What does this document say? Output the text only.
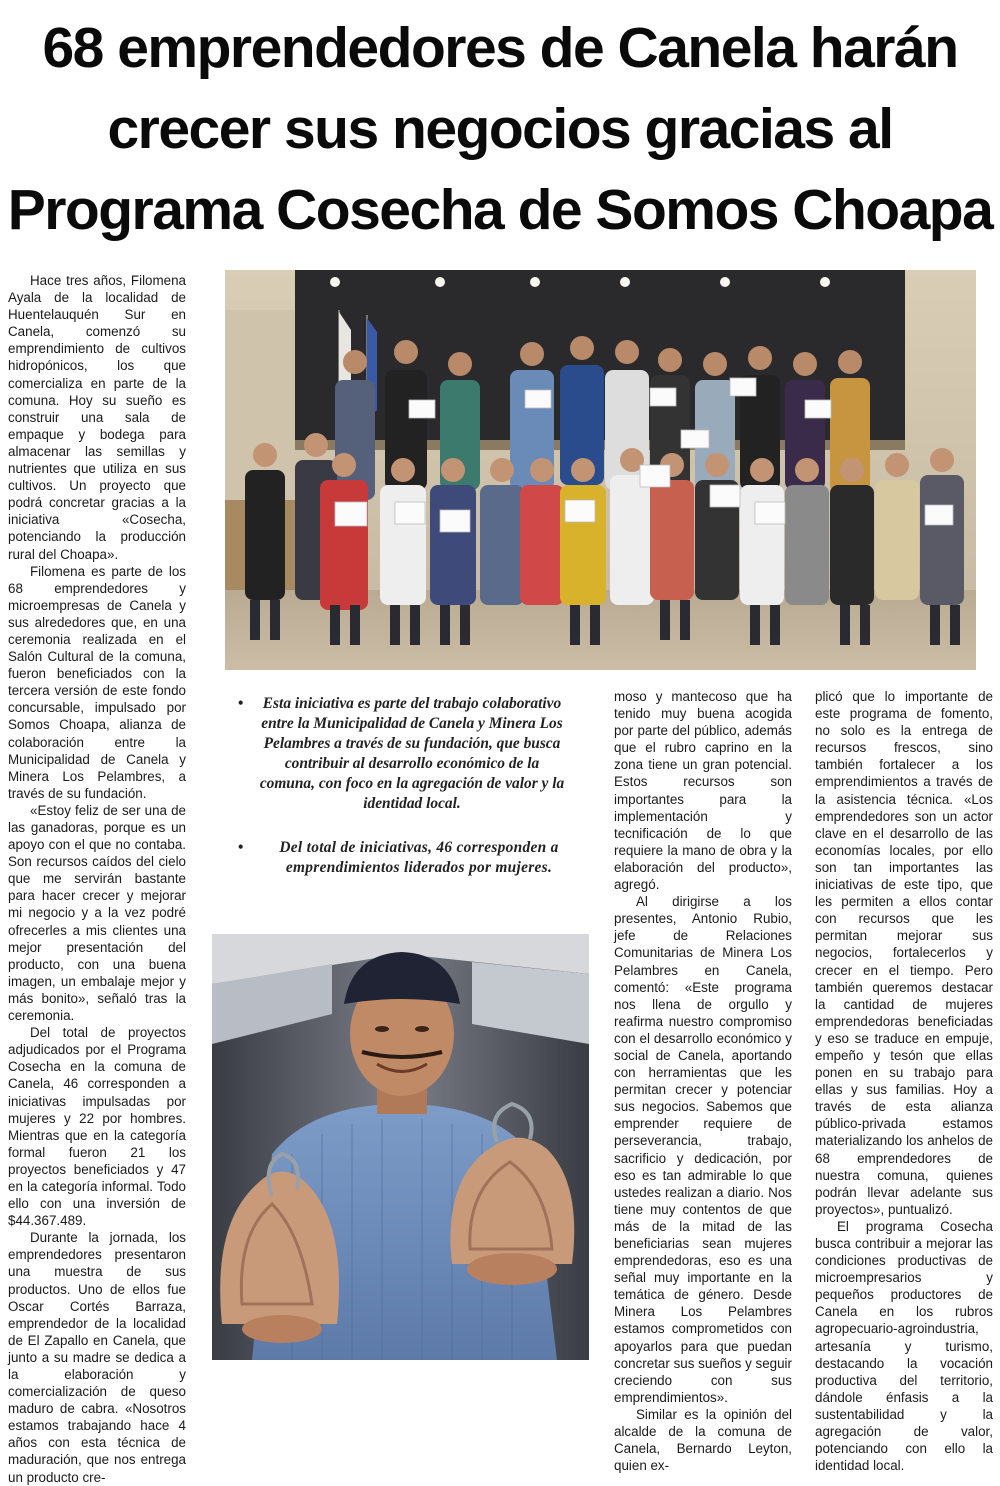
68 emprendedores de Canela harán
crecer sus negocios gracias al
Programa Cosecha de Somos Choapa

Hace tres años, Filomena Ayala de la localidad de Huentelauquén Sur en Canela, comenzó su emprendimiento de cultivos hidropónicos, los que comercializa en parte de la comuna. Hoy su sueño es construir una sala de empaque y bodega para almacenar las semillas y nutrientes que utiliza en sus cultivos. Un proyecto que podrá concretar gracias a la iniciativa «Cosecha, potenciando la producción rural del Choapa».

Filomena es parte de los 68 emprendedores y microempresas de Canela y sus alrededores que, en una ceremonia realizada en el Salón Cultural de la comuna, fueron beneficiados con la tercera versión de este fondo concursable, impulsado por Somos Choapa, alianza de colaboración entre la Municipalidad de Canela y Minera Los Pelambres, a través de su fundación.

«Estoy feliz de ser una de las ganadoras, porque es un apoyo con el que no contaba. Son recursos caídos del cielo que me servirán bastante para hacer crecer y mejorar mi negocio y a la vez podré ofrecerles a mis clientes una mejor presentación del producto, con una buena imagen, un embalaje mejor y más bonito», señaló tras la ceremonia.

Del total de proyectos adjudicados por el Programa Cosecha en la comuna de Canela, 46 corresponden a iniciativas impulsadas por mujeres y 22 por hombres. Mientras que en la categoría formal fueron 21 los proyectos beneficiados y 47 en la categoría informal. Todo ello con una inversión de $44.367.489.

Durante la jornada, los emprendedores presentaron una muestra de sus productos. Uno de ellos fue Oscar Cortés Barraza, emprendedor de la localidad de El Zapallo en Canela, que junto a su madre se dedica a la elaboración y comercialización de queso maduro de cabra. «Nosotros estamos trabajando hace 4 años con esta técnica de maduración, que nos entrega un producto cre-

• Esta iniciativa es parte del trabajo colaborativo entre la Municipalidad de Canela y Minera Los Pelambres a través de su fundación, que busca contribuir al desarrollo económico de la comuna, con foco en la agregación de valor y la identidad local.
• Del total de iniciativas, 46 corresponden a emprendimientos liderados por mujeres.

moso y mantecoso que ha tenido muy buena acogida por parte del público, además que el rubro caprino en la zona tiene un gran potencial. Estos recursos son importantes para la implementación y tecnificación de lo que requiere la mano de obra y la elaboración del producto», agregó.

Al dirigirse a los presentes, Antonio Rubio, jefe de Relaciones Comunitarias de Minera Los Pelambres en Canela, comentó: «Este programa nos llena de orgullo y reafirma nuestro compromiso con el desarrollo económico y social de Canela, aportando con herramientas que les permitan crecer y potenciar sus negocios. Sabemos que emprender requiere de perseverancia, trabajo, sacrificio y dedicación, por eso es tan admirable lo que ustedes realizan a diario. Nos tiene muy contentos de que más de la mitad de las beneficiarias sean mujeres emprendedoras, eso es una señal muy importante en la temática de género. Desde Minera Los Pelambres estamos comprometidos con apoyarlos para que puedan concretar sus sueños y seguir creciendo con sus emprendimientos».

Similar es la opinión del alcalde de la comuna de Canela, Bernardo Leyton, quien ex-

plicó que lo importante de este programa de fomento, no solo es la entrega de recursos frescos, sino también fortalecer a los emprendimientos a través de la asistencia técnica. «Los emprendedores son un actor clave en el desarrollo de las economías locales, por ello son tan importantes las iniciativas de este tipo, que les permiten a ellos contar con recursos que les permitan mejorar sus negocios, fortalecerlos y crecer en el tiempo. Pero también queremos destacar la cantidad de mujeres emprendedoras beneficiadas y eso se traduce en empuje, empeño y tesón que ellas ponen en su trabajo para ellas y sus familias. Hoy a través de esta alianza público-privada estamos materializando los anhelos de 68 emprendedores de nuestra comuna, quienes podrán llevar adelante sus proyectos», puntualizó.

El programa Cosecha busca contribuir a mejorar las condiciones productivas de microempresarios y pequeños productores de Canela en los rubros agropecuario-agroindustria, artesanía y turismo, destacando la vocación productiva del territorio, dándole énfasis a la sustentabilidad y la agregación de valor, potenciando con ello la identidad local.
